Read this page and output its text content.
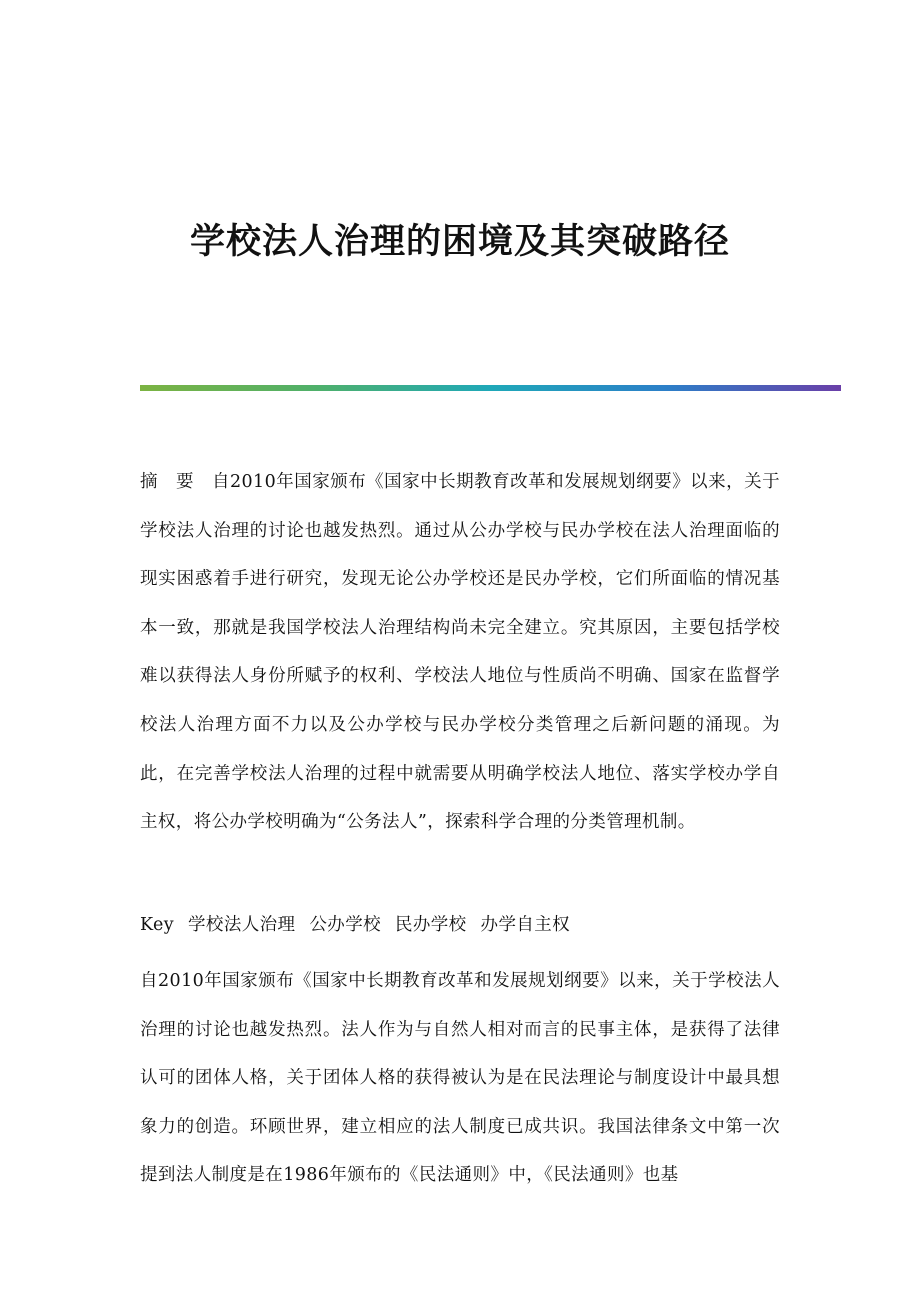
学校法人治理的困境及其突破路径

摘　要　自2010年国家颁布《国家中长期教育改革和发展规划纲要》以来，关于学校法人治理的讨论也越发热烈。通过从公办学校与民办学校在法人治理面临的现实困惑着手进行研究，发现无论公办学校还是民办学校，它们所面临的情况基本一致，那就是我国学校法人治理结构尚未完全建立。究其原因，主要包括学校难以获得法人身份所赋予的权利、学校法人地位与性质尚不明确、国家在监督学校法人治理方面不力以及公办学校与民办学校分类管理之后新问题的涌现。为此，在完善学校法人治理的过程中就需要从明确学校法人地位、落实学校办学自主权，将公办学校明确为“公务法人”，探索科学合理的分类管理机制。

Key 学校法人治理 公办学校 民办学校 办学自主权

自2010年国家颁布《国家中长期教育改革和发展规划纲要》以来，关于学校法人治理的讨论也越发热烈。法人作为与自然人相对而言的民事主体，是获得了法律认可的团体人格，关于团体人格的获得被认为是在民法理论与制度设计中最具想象力的创造。环顾世界，建立相应的法人制度已成共识。我国法律条文中第一次提到法人制度是在1986年颁布的《民法通则》中，《民法通则》也基
